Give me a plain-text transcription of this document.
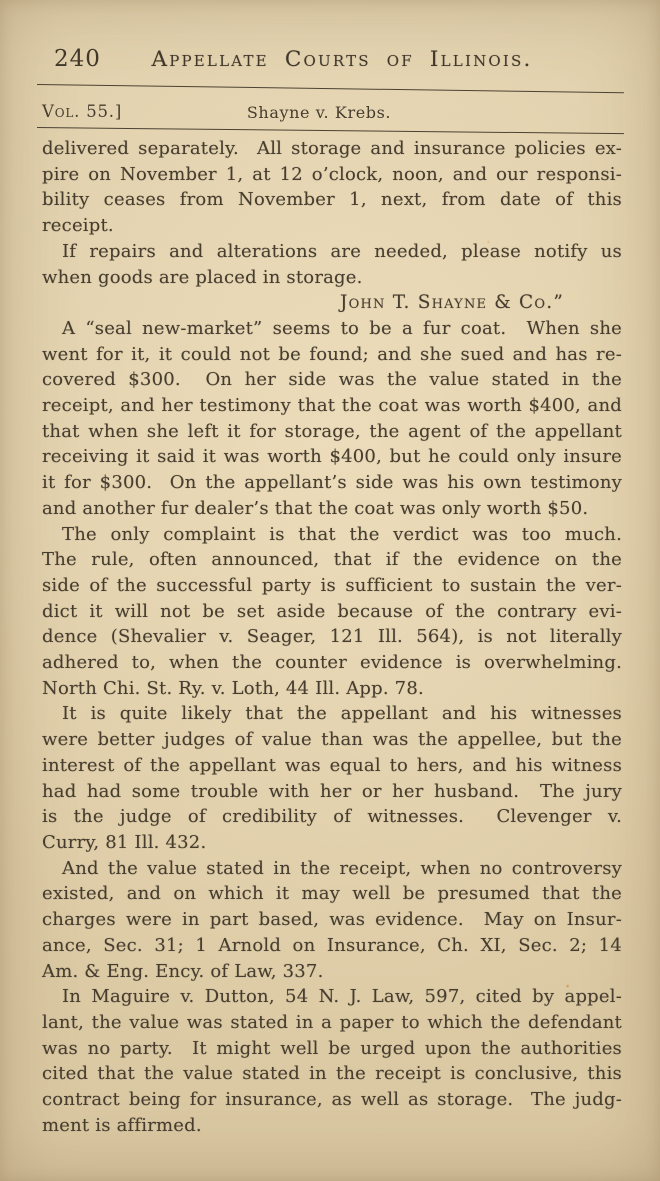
240	Appellate Courts of Illinois.
Vol. 55.]	Shayne v. Krebs.

delivered separately.  All storage and insurance policies ex-
pire on November 1, at 12 o’clock, noon, and our responsi-
bility ceases from November 1, next, from date of this
receipt.

If repairs and alterations are needed, please notify us
when goods are placed in storage.

John T. Shayne & Co.”

A “seal new-market” seems to be a fur coat.  When she
went for it, it could not be found; and she sued and has re-
covered $300.  On her side was the value stated in the
receipt, and her testimony that the coat was worth $400, and
that when she left it for storage, the agent of the appellant
receiving it said it was worth $400, but he could only insure
it for $300.  On the appellant’s side was his own testimony
and another fur dealer’s that the coat was only worth $50.

The only complaint is that the verdict was too much.
The rule, often announced, that if the evidence on the
side of the successful party is sufficient to sustain the ver-
dict it will not be set aside because of the contrary evi-
dence (Shevalier v. Seager, 121 Ill. 564), is not literally
adhered to, when the counter evidence is overwhelming.
North Chi. St. Ry. v. Loth, 44 Ill. App. 78.

It is quite likely that the appellant and his witnesses
were better judges of value than was the appellee, but the
interest of the appellant was equal to hers, and his witness
had had some trouble with her or her husband.  The jury
is the judge of credibility of witnesses.  Clevenger v.
Curry, 81 Ill. 432.

And the value stated in the receipt, when no controversy
existed, and on which it may well be presumed that the
charges were in part based, was evidence.  May on Insur-
ance, Sec. 31; 1 Arnold on Insurance, Ch. XI, Sec. 2; 14
Am. & Eng. Ency. of Law, 337.

In Maguire v. Dutton, 54 N. J. Law, 597, cited by appel-
lant, the value was stated in a paper to which the defendant
was no party.  It might well be urged upon the authorities
cited that the value stated in the receipt is conclusive, this
contract being for insurance, as well as storage.  The judg-
ment is affirmed.
